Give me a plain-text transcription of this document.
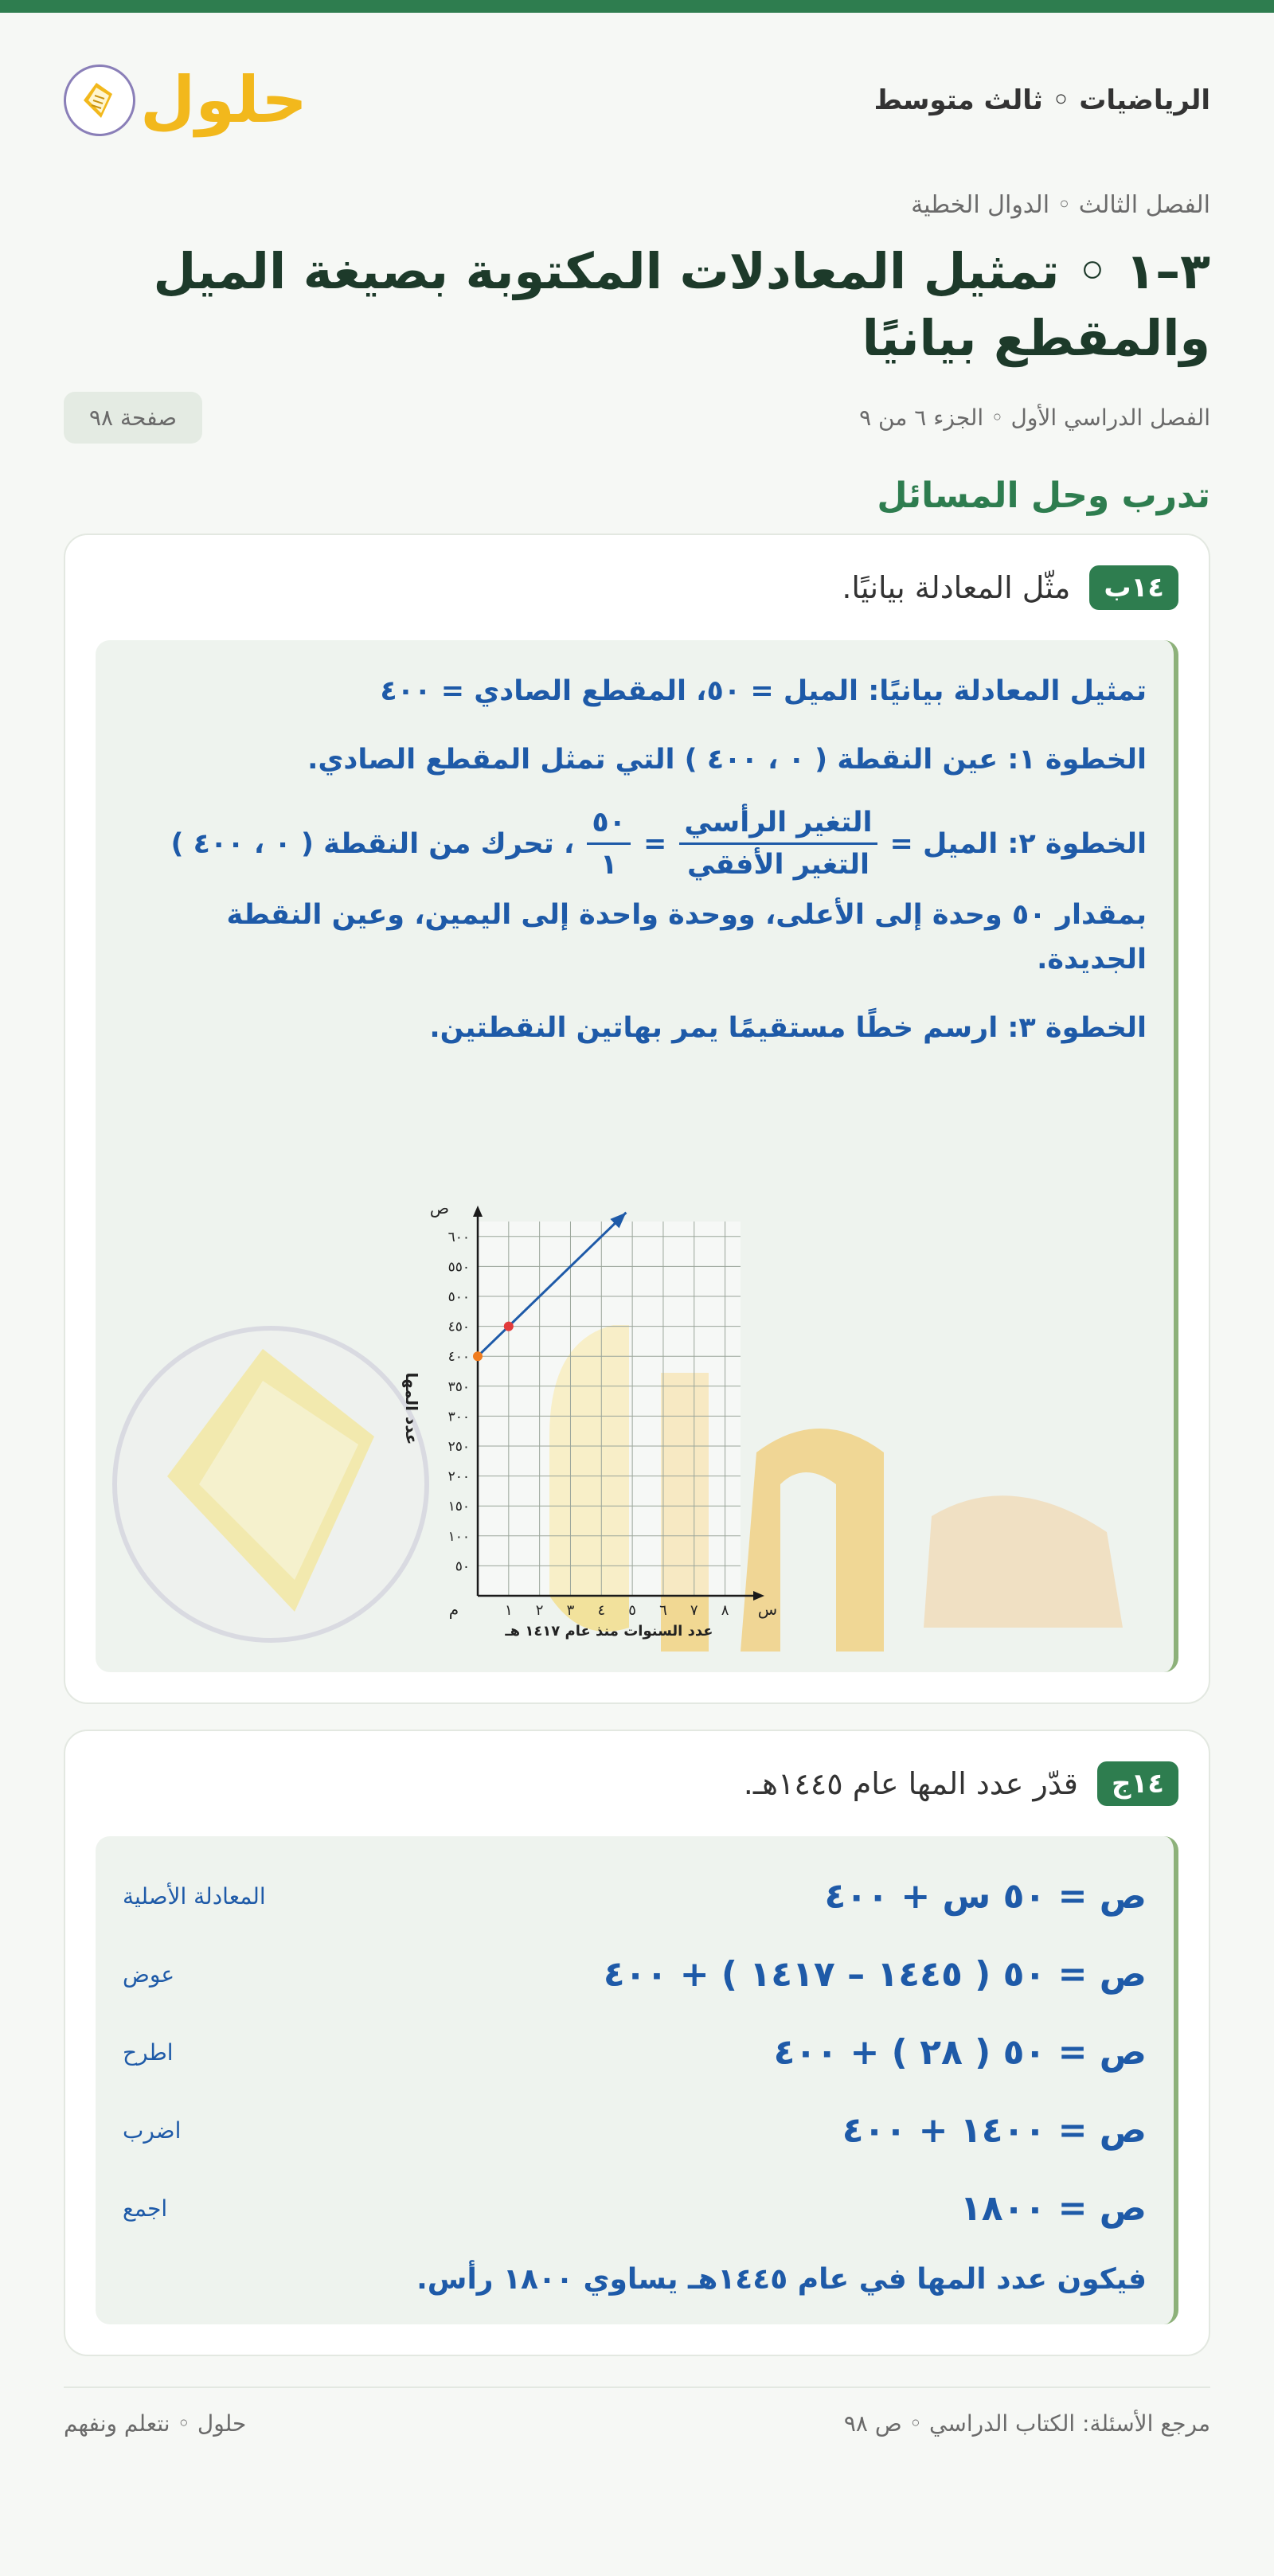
الرياضيات ◦ ثالث متوسط
حلول
الفصل الثالث ◦ الدوال الخطية
٣–١ ◦ تمثيل المعادلات المكتوبة بصيغة الميل والمقطع بيانيًا
الفصل الدراسي الأول ◦ الجزء ٦ من ٩
صفحة ٩٨
تدرب وحل المسائل
١٤ب
مثّل المعادلة بيانيًا.
تمثيل المعادلة بيانيًا: الميل = ٥٠، المقطع الصادي = ٤٠٠
الخطوة ١: عين النقطة ( ٠ ، ٤٠٠ ) التي تمثل المقطع الصادي.
الخطوة ٢: الميل =
$\frac{\text{التغير الرأسي}}{\text{التغير الأفقي}}$
=
$\frac{٥٠}{١}$
، تحرك من النقطة ( ٠ ، ٤٠٠ )
بمقدار ٥٠ وحدة إلى الأعلى، ووحدة واحدة إلى اليمين، وعين النقطة الجديدة.
الخطوة ٣: ارسم خطًا مستقيمًا يمر بهاتين النقطتين.
١ ٢ ٣ ٤ ٥ ٦ ٧ ٨
٥٠
١٠٠
١٥٠
٢٠٠
٢٥٠
٣٠٠
٣٥٠
٤٠٠
٤٥٠
٥٠٠
٥٥٠
٦٠٠
س
ص
م
عدد السنوات منذ عام ١٤١٧ هـ
عدد المها
١٤ج
قدّر عدد المها عام ١٤٤٥هـ.
ص = ٥٠ س + ٤٠٠
المعادلة الأصلية
ص = ٥٠ ( ١٤٤٥ – ١٤١٧ ) + ٤٠٠
عوض
ص = ٥٠ ( ٢٨ ) + ٤٠٠
اطرح
ص = ١٤٠٠ + ٤٠٠
اضرب
ص = ١٨٠٠
اجمع
فيكون عدد المها في عام ١٤٤٥هـ يساوي ١٨٠٠ رأس.
مرجع الأسئلة: الكتاب الدراسي ◦ ص ٩٨
حلول ◦ نتعلم ونفهم
